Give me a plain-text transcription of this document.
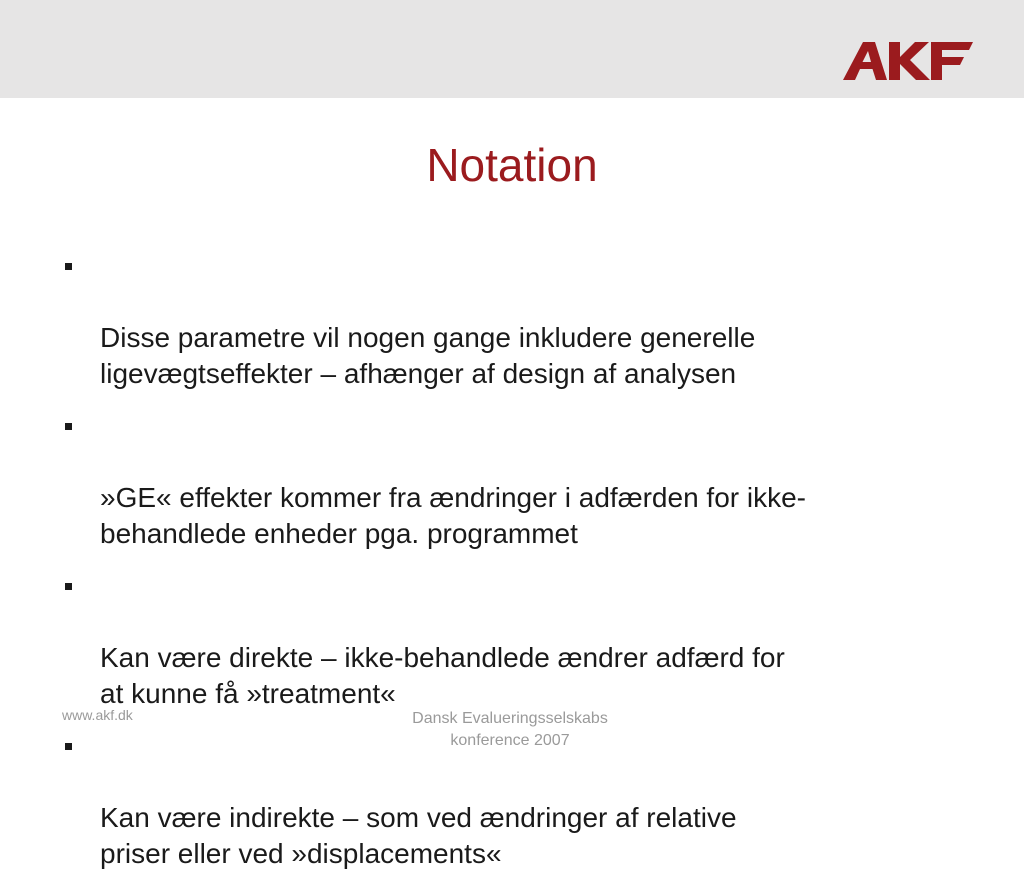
Notation

Disse parametre vil nogen gange inkludere generelle
ligevægtseffekter – afhænger af design af analysen

»GE« effekter kommer fra ændringer i adfærden for ikke-
behandlede enheder pga. programmet

Kan være direkte – ikke-behandlede ændrer adfærd for
at kunne få »treatment«

Kan være indirekte – som ved ændringer af relative
priser eller ved »displacements«

www.akf.dk	Dansk Evalueringsselskabs
konference 2007
